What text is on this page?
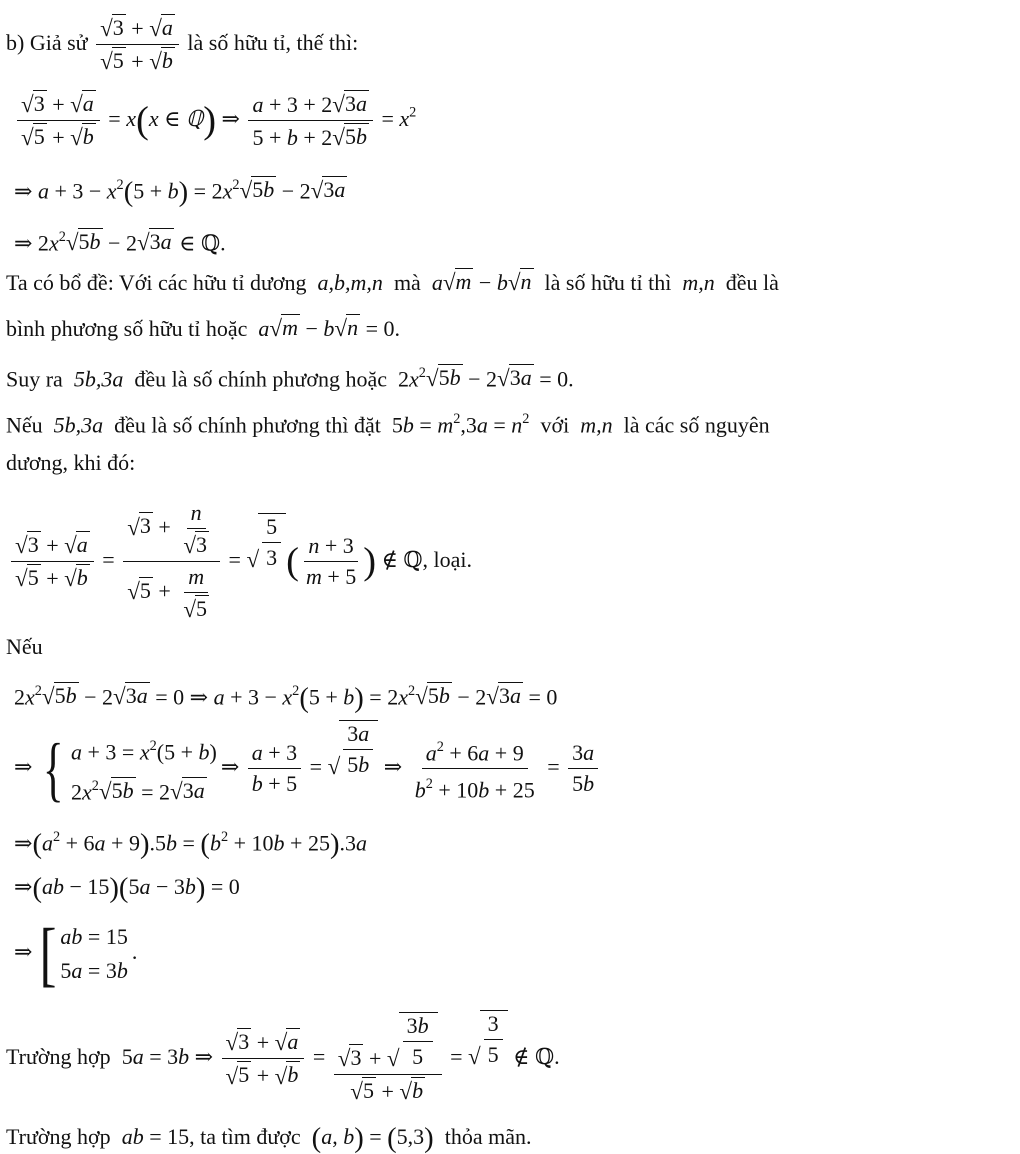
b) Giả sử $\frac{√ 3 + √ a}{√ 5 + √ b}$ là số hữu tỉ, thế thì:
$\frac{√ 3 + √ a}{√ 5 + √ b} = x(x$ ∈ ℚ) ⇒ $\frac{a + 3 + 2 √ 3a}{5 + b + 2 √ 5b} = x^2$
⇒ $a + 3 - x^2(5 + b) = 2x^2$ √ 5b − 2 √ 3a
⇒ $2x^2$ √ 5b − 2 √ 3a ∈ ℚ.
Ta có bổ đề: Với các hữu tỉ dương a,b,m,n mà a √ m − b √ n là số hữu tỉ thì m,n đều là
bình phương số hữu tỉ hoặc a √ m − b √ n = 0.
Suy ra 5b,3a đều là số chính phương hoặc  $2x^2$ √ 5b − 2 √ 3a = 0.
Nếu 5b,3a đều là số chính phương thì đặt  $5b = m^2,3a = n^2$ với m,n là các số nguyên
dương, khi đó:
$\frac{√ 3 + √ a}{√ 5 + √ b} = \frac{√ 3 + \frac{n}{√ 3}}{√ 5 + \frac{m}{√ 5}}$ = √ $\frac{5}{3}$ ( $\frac{n + 3}{m + 5}$ ) ∉ ℚ, loại.
Nếu
$2x^2$ √ 5b − 2 √ 3a = 0 ⇒ $a + 3 - x^2(5 + b) = 2x^2$ √ 5b − 2 √ 3a = 0
⇒ { $a + 3 = x^2(5 + b)$
$2x^2$ √ 5b = 2 √ 3a
⇒ $\frac{a + 3}{b + 5}$ = √ $\frac{3a}{5b}$ ⇒ $\frac{a^2 + 6a + 9}{b^2 + 10b + 25} = \frac{3a}{5b}$
$\Rightarrow(a^2 + 6a + 9).5b = (b^2 + 10b + 25).3a$
⇒(ab − 15)(5a − 3b) = 0
⇒ [ ab = 15
5a = 3b
.
Trường hợp  5a = 3b ⇒ $\frac{√ 3 + √ a}{√ 5 + √ b} = \frac{√ 3 + √ \frac{3b}{5}}{√ 5 + √ b}$ = √ $\frac{3}{5}$ ∉ ℚ.
Trường hợp ab = 15, ta tìm được (a, b) = (5,3) thỏa mãn.
